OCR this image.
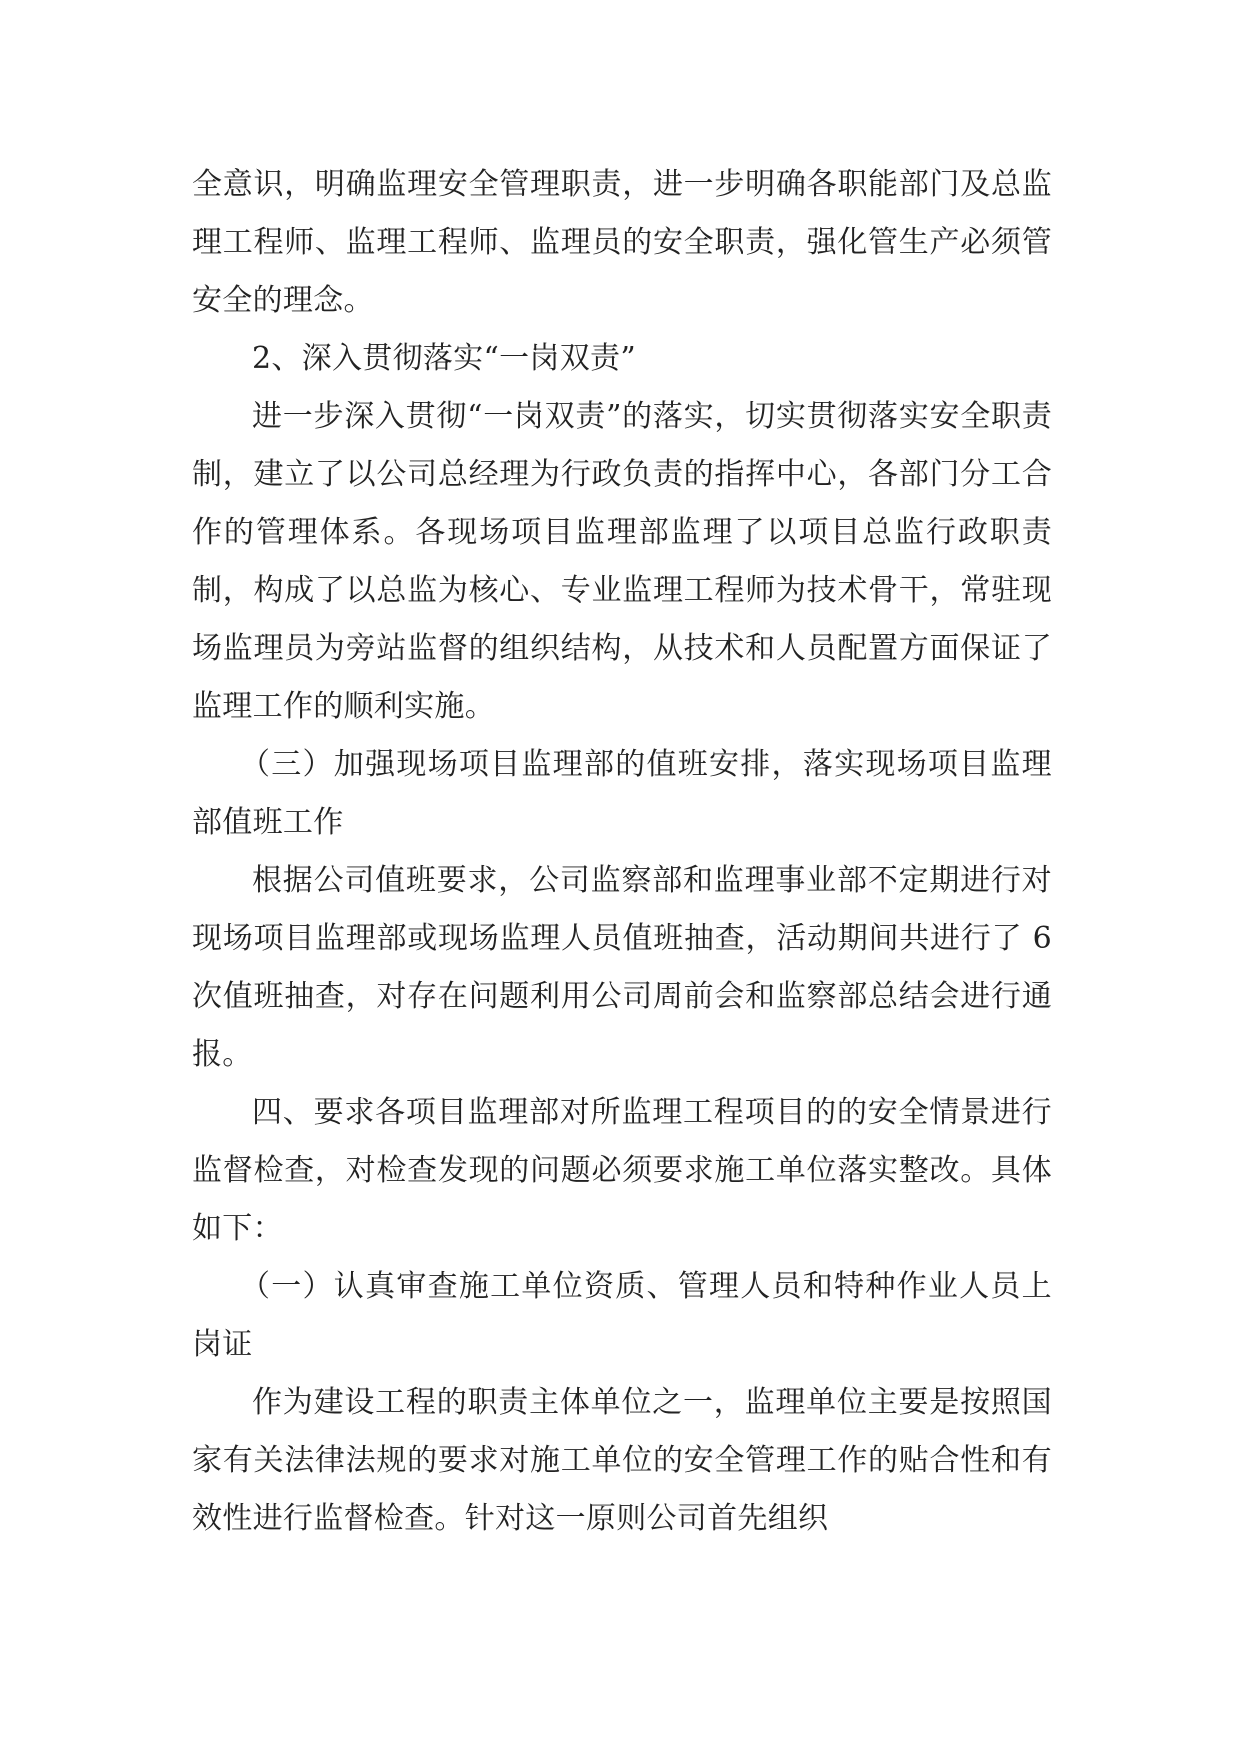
全意识，明确监理安全管理职责，进一步明确各职能部门及总监理工程师、监理工程师、监理员的安全职责，强化管生产必须管安全的理念。

2、深入贯彻落实“一岗双责”

进一步深入贯彻“一岗双责”的落实，切实贯彻落实安全职责制，建立了以公司总经理为行政负责的指挥中心，各部门分工合作的管理体系。各现场项目监理部监理了以项目总监行政职责制，构成了以总监为核心、专业监理工程师为技术骨干，常驻现场监理员为旁站监督的组织结构，从技术和人员配置方面保证了监理工作的顺利实施。

（三）加强现场项目监理部的值班安排，落实现场项目监理部值班工作

根据公司值班要求，公司监察部和监理事业部不定期进行对现场项目监理部或现场监理人员值班抽查，活动期间共进行了 6 次值班抽查，对存在问题利用公司周前会和监察部总结会进行通报。

四、要求各项目监理部对所监理工程项目的的安全情景进行监督检查，对检查发现的问题必须要求施工单位落实整改。具体如下：

（一）认真审查施工单位资质、管理人员和特种作业人员上岗证

作为建设工程的职责主体单位之一，监理单位主要是按照国家有关法律法规的要求对施工单位的安全管理工作的贴合性和有效性进行监督检查。针对这一原则公司首先组织
